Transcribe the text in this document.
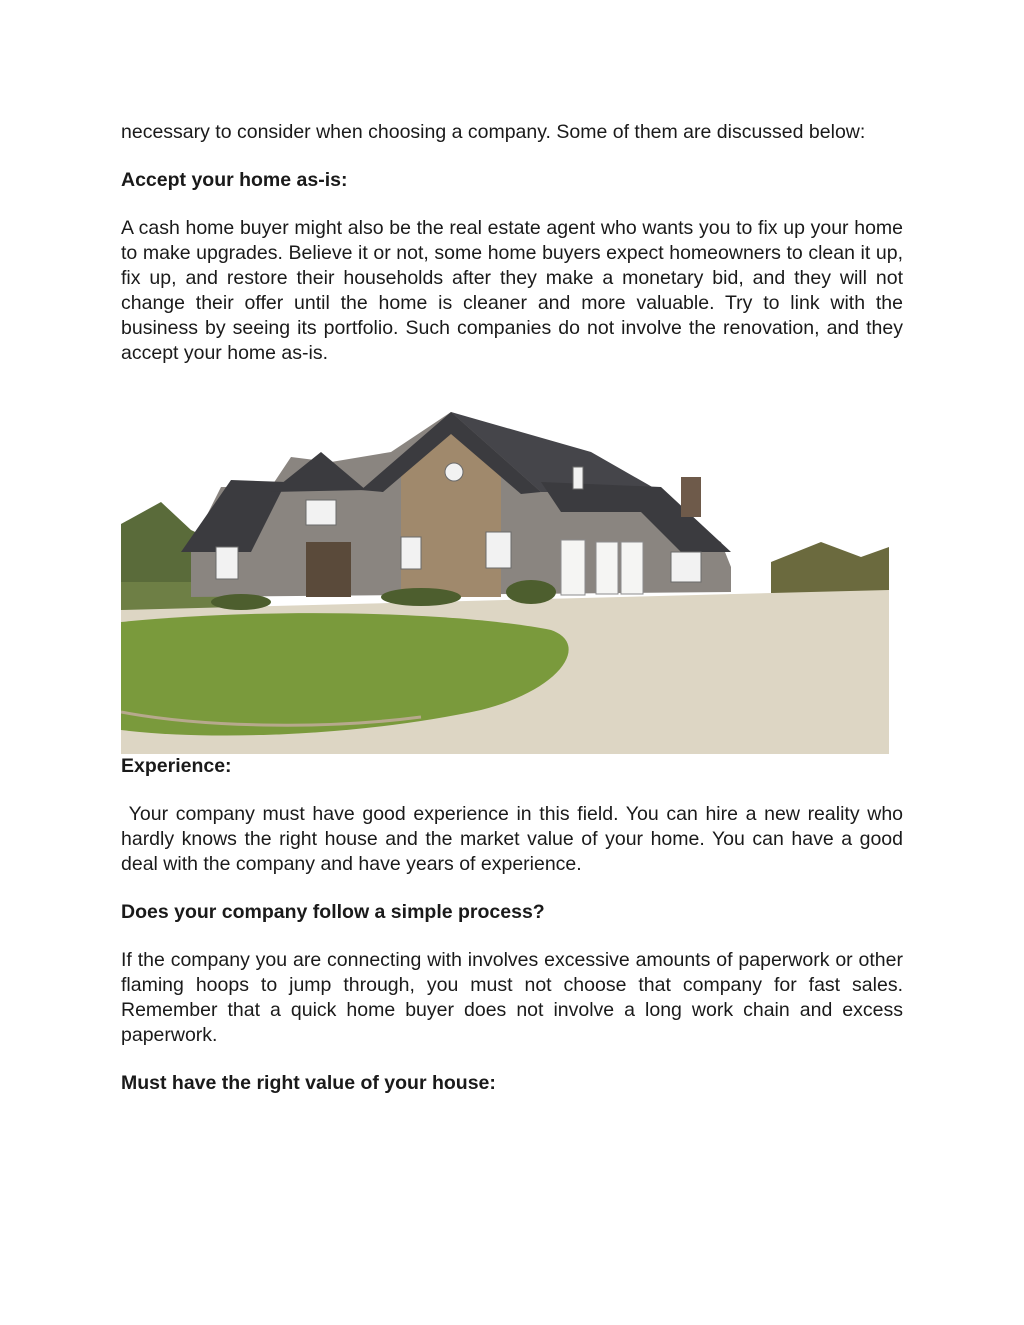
necessary to consider when choosing a company. Some of them are discussed below:

Accept your home as-is:

A cash home buyer might also be the real estate agent who wants you to fix up your home to make upgrades. Believe it or not, some home buyers expect homeowners to clean it up, fix up, and restore their households after they make a monetary bid, and they will not change their offer until the home is cleaner and more valuable. Try to link with the business by seeing its portfolio. Such companies do not involve the renovation, and they accept your home as-is.

Experience:

Your company must have good experience in this field. You can hire a new reality who hardly knows the right house and the market value of your home. You can have a good deal with the company and have years of experience.

Does your company follow a simple process?

If the company you are connecting with involves excessive amounts of paperwork or other flaming hoops to jump through, you must not choose that company for fast sales. Remember that a quick home buyer does not involve a long work chain and excess paperwork.

Must have the right value of your house:
